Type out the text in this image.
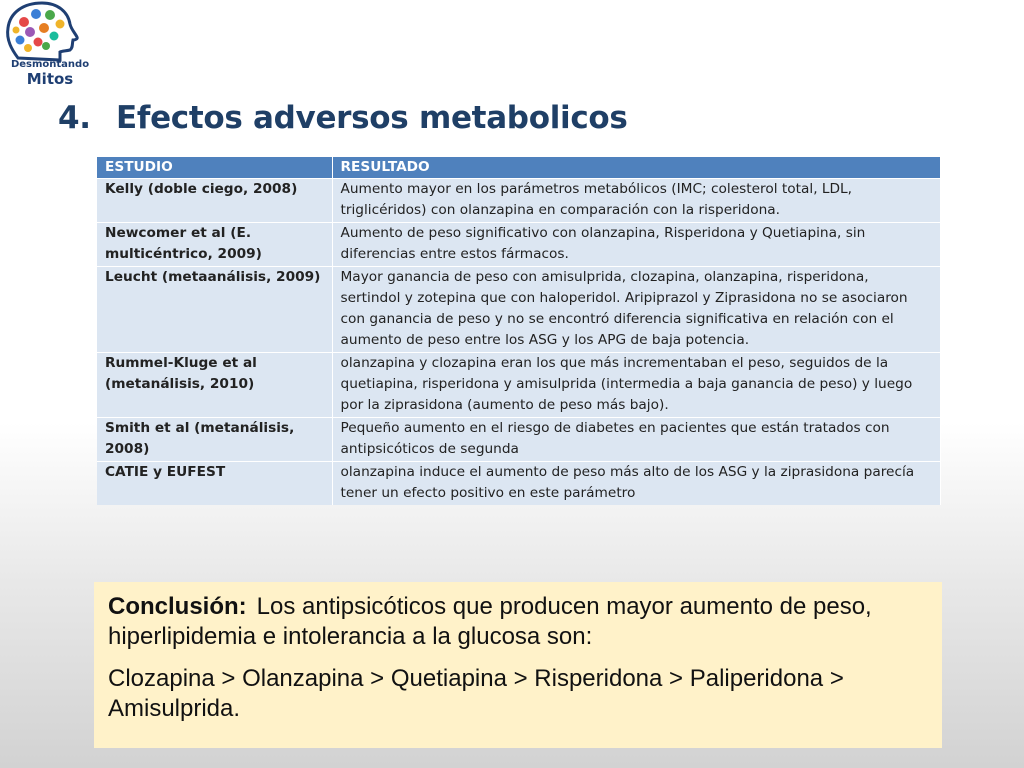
Desmontando
Mitos
4. Efectos adversos metabolicos
ESTUDIO	RESULTADO
Kelly (doble ciego, 2008)	Aumento mayor en los parámetros metabólicos (IMC; colesterol total, LDL, triglicéridos) con olanzapina en comparación con la risperidona.
Newcomer et al (E. multicéntrico, 2009)	Aumento de peso significativo con olanzapina, Risperidona y Quetiapina, sin diferencias entre estos fármacos.
Leucht (metaanálisis, 2009)	Mayor ganancia de peso con amisulprida, clozapina, olanzapina, risperidona, sertindol y zotepina que con haloperidol. Aripiprazol y Ziprasidona no se asociaron con ganancia de peso y no se encontró diferencia significativa en relación con el aumento de peso entre los ASG y los APG de baja potencia.
Rummel-Kluge et al (metanálisis, 2010)	olanzapina y clozapina eran los que más incrementaban el peso, seguidos de la quetiapina, risperidona y amisulprida (intermedia a baja ganancia de peso) y luego por la ziprasidona (aumento de peso más bajo).
Smith et al (metanálisis, 2008)	Pequeño aumento en el riesgo de diabetes en pacientes que están tratados con antipsicóticos de segunda
CATIE y EUFEST	olanzapina induce el aumento de peso más alto de los ASG y la ziprasidona parecía tener un efecto positivo en este parámetro

Conclusión: Los antipsicóticos que producen mayor aumento de peso, hiperlipidemia e intolerancia a la glucosa son:

Clozapina > Olanzapina > Quetiapina > Risperidona > Paliperidona > Amisulprida.
